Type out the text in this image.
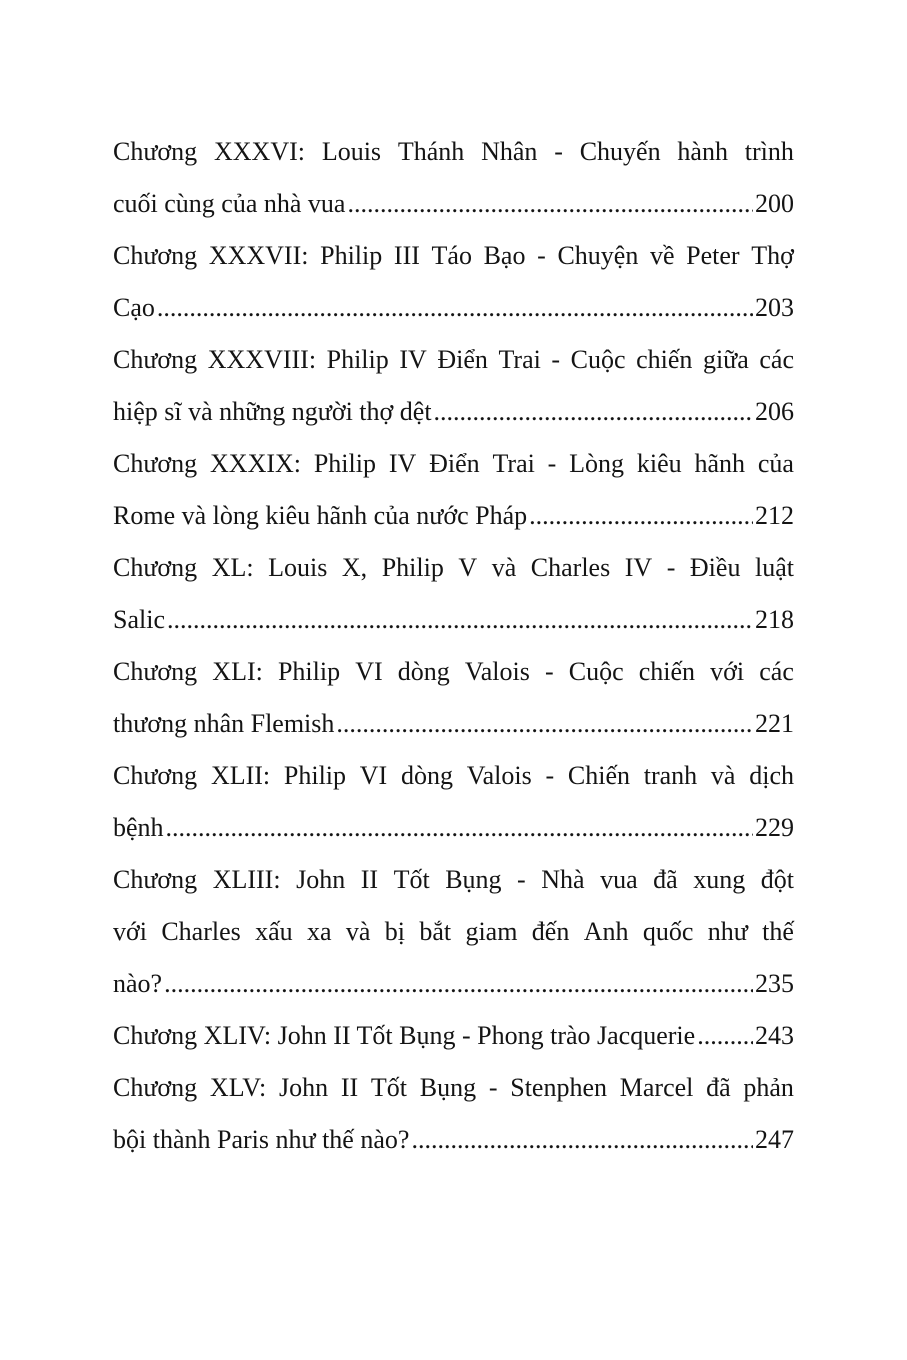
Chương XXXVI: Louis Thánh Nhân - Chuyến hành trình
cuối cùng của nhà vua .....	200
Chương XXXVII: Philip III Táo Bạo - Chuyện về Peter Thợ
Cạo .....	203
Chương XXXVIII: Philip IV Điển Trai - Cuộc chiến giữa các
hiệp sĩ và những người thợ dệt .....	206
Chương XXXIX: Philip IV Điển Trai - Lòng kiêu hãnh của
Rome và lòng kiêu hãnh của nước Pháp .....	212
Chương XL: Louis X, Philip V và Charles IV - Điều luật
Salic .....	218
Chương XLI: Philip VI dòng Valois - Cuộc chiến với các
thương nhân Flemish .....	221
Chương XLII: Philip VI dòng Valois - Chiến tranh và dịch
bệnh .....	229
Chương XLIII: John II Tốt Bụng - Nhà vua đã xung đột
với Charles xấu xa và bị bắt giam đến Anh quốc như thế
nào? .....	235
Chương XLIV: John II Tốt Bụng - Phong trào Jacquerie ..... 243
Chương XLV: John II Tốt Bụng - Stenphen Marcel đã phản
bội thành Paris như thế nào? .....	247
